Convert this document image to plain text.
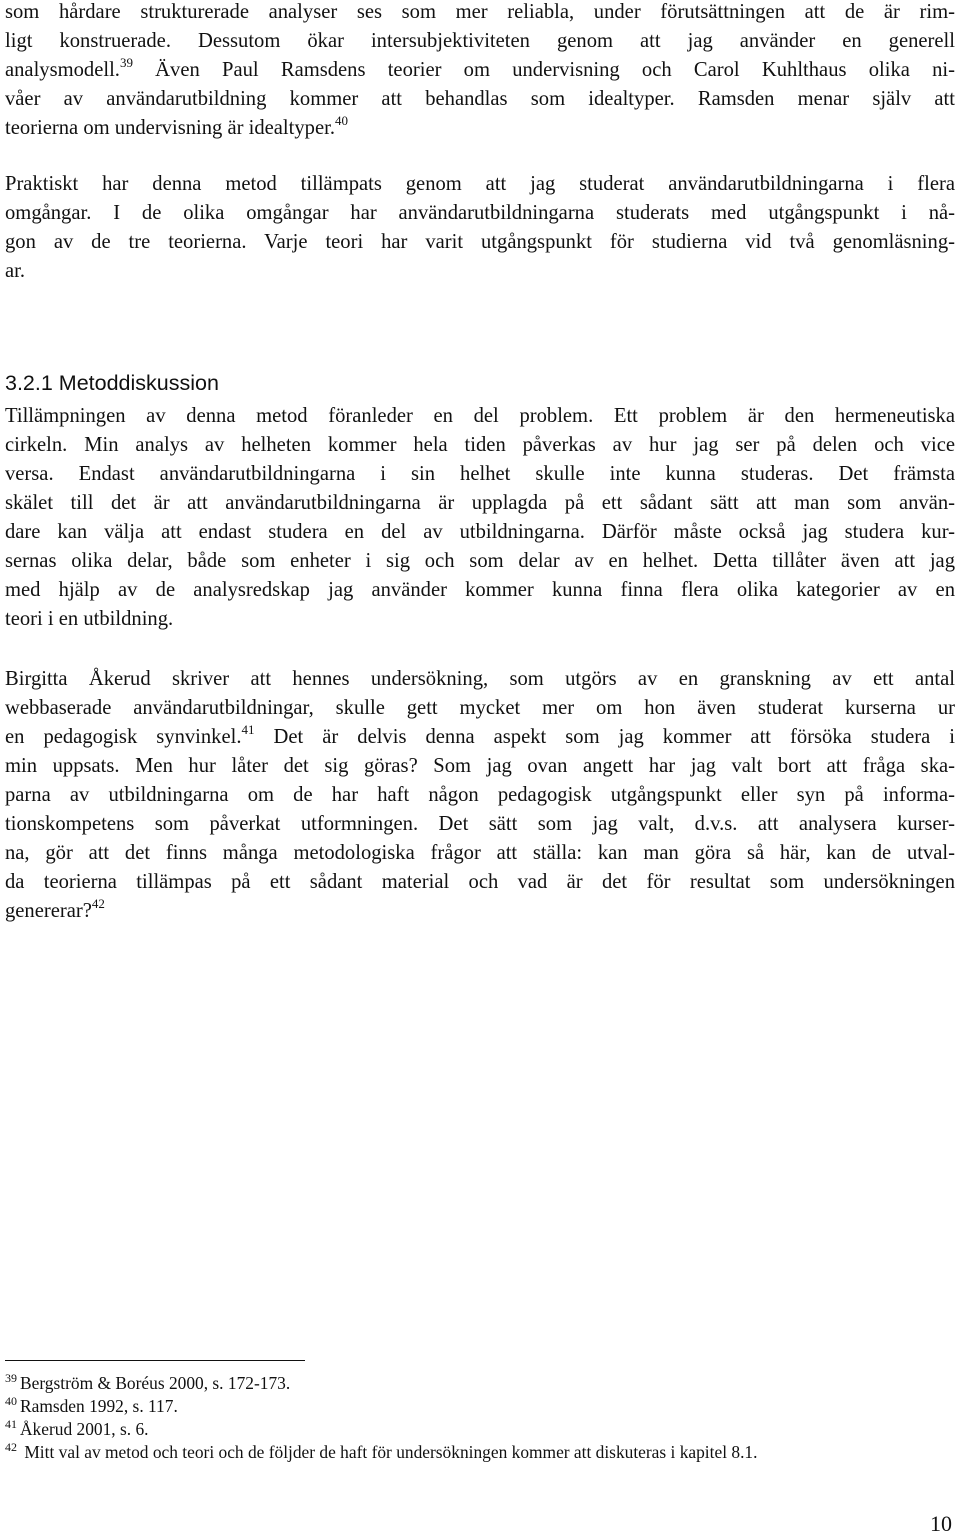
som hårdare strukturerade analyser ses som mer reliabla, under förutsättningen att de är rim-
ligt konstruerade. Dessutom ökar intersubjektiviteten genom att jag använder en generell
analysmodell.$^{39}$ Även Paul Ramsdens teorier om undervisning och Carol Kuhlthaus olika ni-
våer av användarutbildning kommer att behandlas som idealtyper. Ramsden menar själv att
teorierna om undervisning är idealtyper.$^{40}$

Praktiskt har denna metod tillämpats genom att jag studerat användarutbildningarna i flera
omgångar. I de olika omgångar har användarutbildningarna studerats med utgångspunkt i nå-
gon av de tre teorierna. Varje teori har varit utgångspunkt för studierna vid två genomläsning-
ar.

3.2.1 Metoddiskussion

Tillämpningen av denna metod föranleder en del problem. Ett problem är den hermeneutiska
cirkeln. Min analys av helheten kommer hela tiden påverkas av hur jag ser på delen och vice
versa. Endast användarutbildningarna i sin helhet skulle inte kunna studeras. Det främsta
skälet till det är att användarutbildningarna är upplagda på ett sådant sätt att man som använ-
dare kan välja att endast studera en del av utbildningarna. Därför måste också jag studera kur-
sernas olika delar, både som enheter i sig och som delar av en helhet. Detta tillåter även att jag
med hjälp av de analysredskap jag använder kommer kunna finna flera olika kategorier av en
teori i en utbildning.

Birgitta Åkerud skriver att hennes undersökning, som utgörs av en granskning av ett antal
webbaserade användarutbildningar, skulle gett mycket mer om hon även studerat kurserna ur
en pedagogisk synvinkel.$^{41}$ Det är delvis denna aspekt som jag kommer att försöka studera i
min uppsats. Men hur låter det sig göras? Som jag ovan angett har jag valt bort att fråga ska-
parna av utbildningarna om de har haft någon pedagogisk utgångspunkt eller syn på informa-
tionskompetens som påverkat utformningen. Det sätt som jag valt, d.v.s. att analysera kurser-
na, gör att det finns många metodologiska frågor att ställa: kan man göra så här, kan de utval-
da teorierna tillämpas på ett sådant material och vad är det för resultat som undersökningen
genererar?$^{42}$

$^{39}$ Bergström & Boréus 2000, s. 172-173.
$^{40}$ Ramsden 1992, s. 117.
$^{41}$ Åkerud 2001, s. 6.
$^{42}$ Mitt val av metod och teori och de följder de haft för undersökningen kommer att diskuteras i kapitel 8.1.
10
